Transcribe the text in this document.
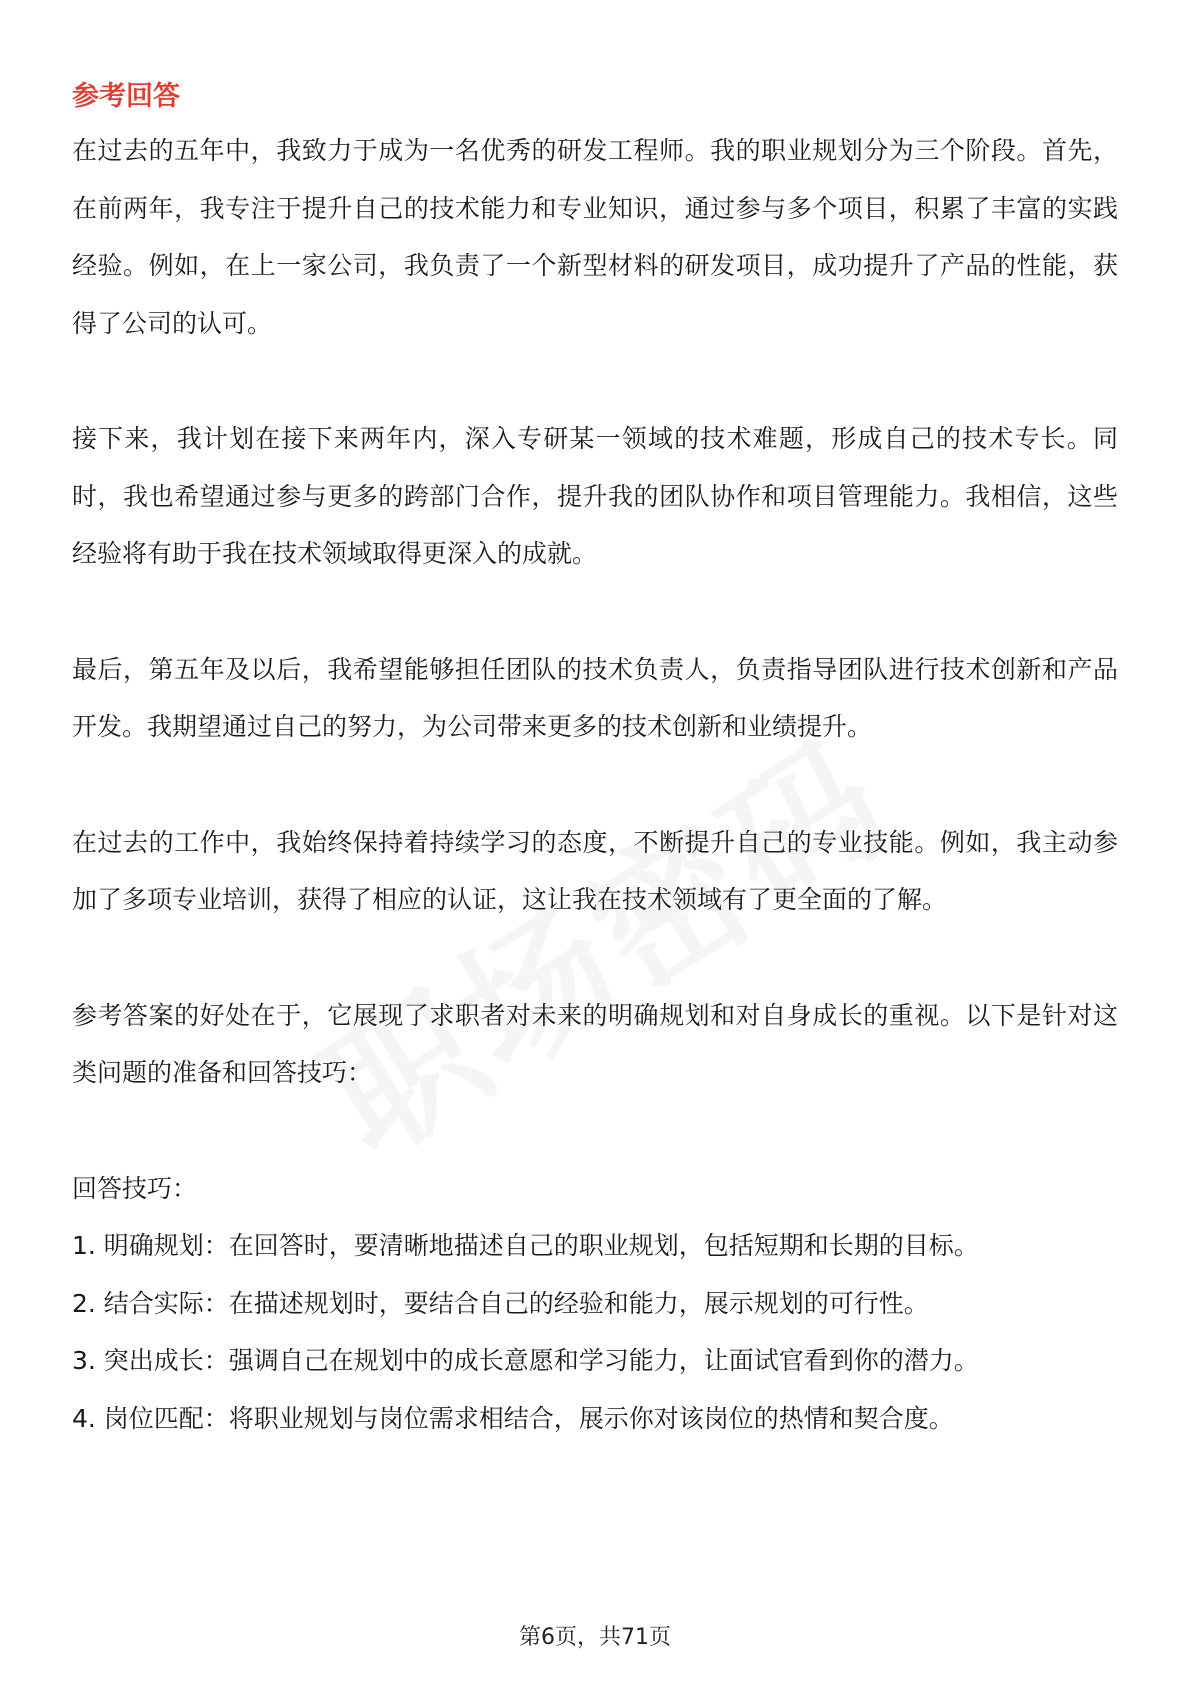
参考回答

在过去的五年中，我致力于成为一名优秀的研发工程师。我的职业规划分为三个阶段。首先，在前两年，我专注于提升自己的技术能力和专业知识，通过参与多个项目，积累了丰富的实践经验。例如，在上一家公司，我负责了一个新型材料的研发项目，成功提升了产品的性能，获得了公司的认可。

接下来，我计划在接下来两年内，深入专研某一领域的技术难题，形成自己的技术专长。同时，我也希望通过参与更多的跨部门合作，提升我的团队协作和项目管理能力。我相信，这些经验将有助于我在技术领域取得更深入的成就。

最后，第五年及以后，我希望能够担任团队的技术负责人，负责指导团队进行技术创新和产品开发。我期望通过自己的努力，为公司带来更多的技术创新和业绩提升。

在过去的工作中，我始终保持着持续学习的态度，不断提升自己的专业技能。例如，我主动参加了多项专业培训，获得了相应的认证，这让我在技术领域有了更全面的了解。

参考答案的好处在于，它展现了求职者对未来的明确规划和对自身成长的重视。以下是针对这类问题的准备和回答技巧：

回答技巧：

1. 明确规划：在回答时，要清晰地描述自己的职业规划，包括短期和长期的目标。
2. 结合实际：在描述规划时，要结合自己的经验和能力，展示规划的可行性。
3. 突出成长：强调自己在规划中的成长意愿和学习能力，让面试官看到你的潜力。
4. 岗位匹配：将职业规划与岗位需求相结合，展示你对该岗位的热情和契合度。
第6页，共71页
